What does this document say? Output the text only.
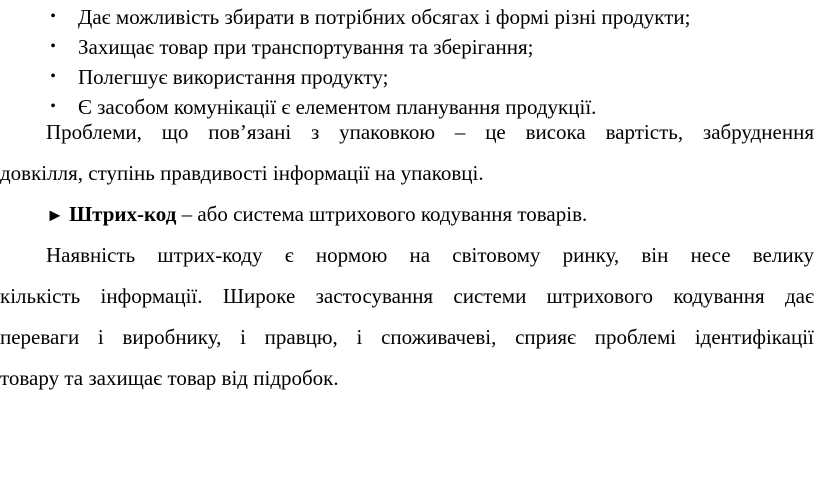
• Дає можливість збирати в потрібних обсягах і формі різні продукти;
• Захищає товар при транспортування та зберігання;
• Полегшує використання продукту;
• Є засобом комунікації є елементом планування продукції.
Проблеми, що пов’язані з упаковкою – це висока вартість, забруднення
довкілля, ступінь правдивості інформації на упаковці.
► Штрих-код – або система штрихового кодування товарів.
Наявність штрих-коду є нормою на світовому ринку, він несе велику
кількість інформації. Широке застосування системи штрихового кодування дає
переваги і виробнику, і правцю, і споживачеві, сприяє проблемі ідентифікації
товару та захищає товар від підробок.
